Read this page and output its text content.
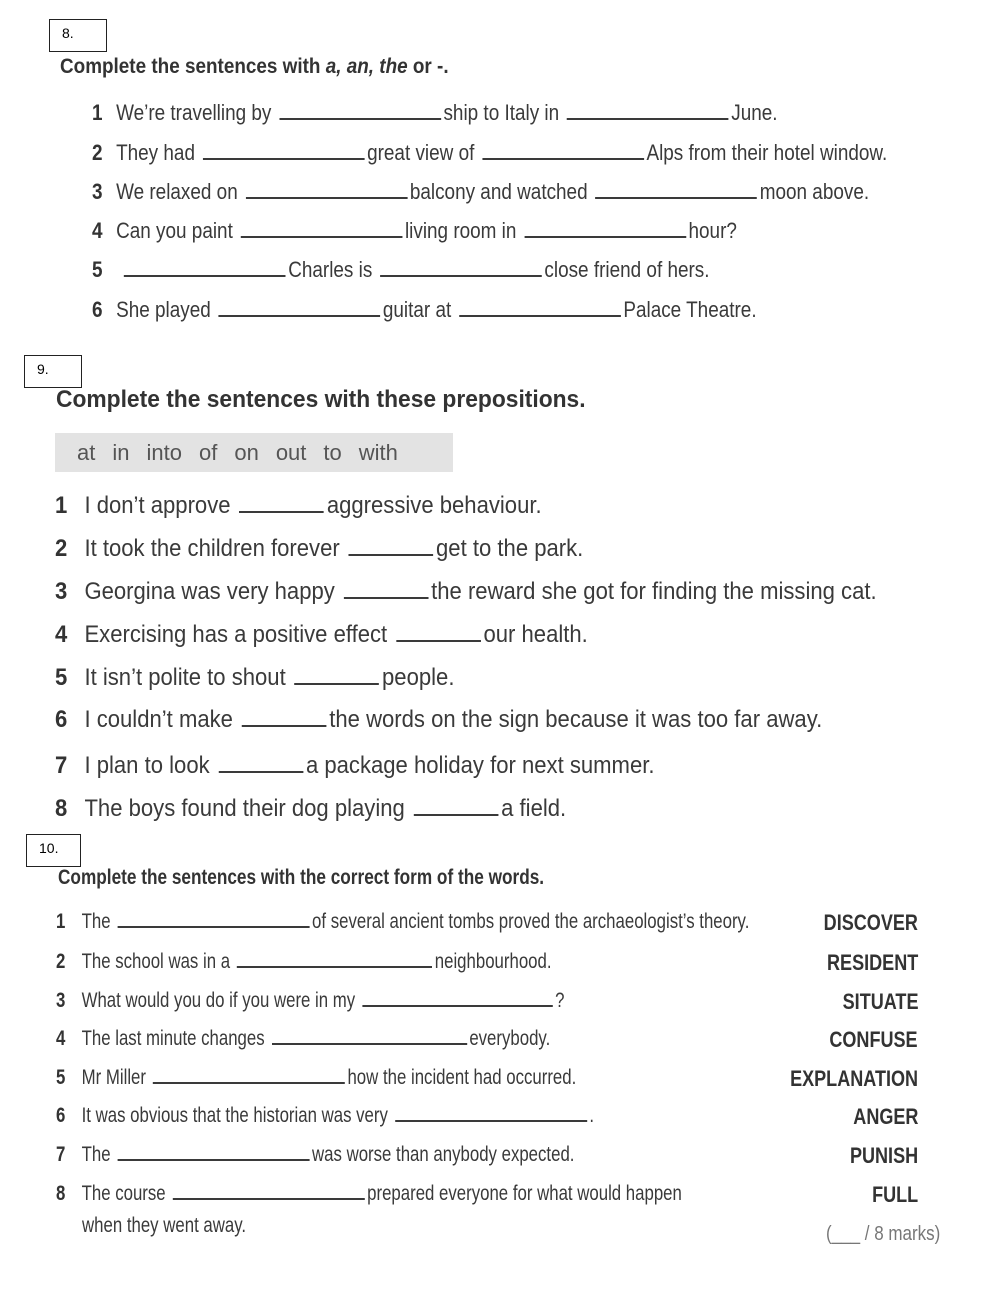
8.
Complete the sentences with a, an, the or -.
1 We’re travelling by	ship to Italy in	June.
2 They had	great view of	Alps from their hotel window.
3 We relaxed on	balcony and watched	moon above.
4 Can you paint	living room in	hour?
5	Charles is	close friend of hers.
6 She played	guitar at	Palace Theatre.
9.
Complete the sentences with these prepositions.
at in into of on out to with
1 I don’t approve	aggressive behaviour.
2 It took the children forever	get to the park.
3 Georgina was very happy	the reward she got for finding the missing cat.
4 Exercising has a positive effect	our health.
5 It isn’t polite to shout	people.
6 I couldn’t make	the words on the sign because it was too far away.
7 I plan to look	a package holiday for next summer.
8 The boys found their dog playing	a field.
10.
Complete the sentences with the correct form of the words.
1 The	of several ancient tombs proved the archaeologist’s theory.	DISCOVER
2 The school was in a	neighbourhood.	RESIDENT
3 What would you do if you were in my	?	SITUATE
4 The last minute changes	everybody.	CONFUSE
5 Mr Miller	how the incident had occurred.	EXPLANATION
6 It was obvious that the historian was very	.	ANGER
7 The	was worse than anybody expected.	PUNISH
8 The course	prepared everyone for what would happen	FULL
when they went away.	(___ / 8 marks)
